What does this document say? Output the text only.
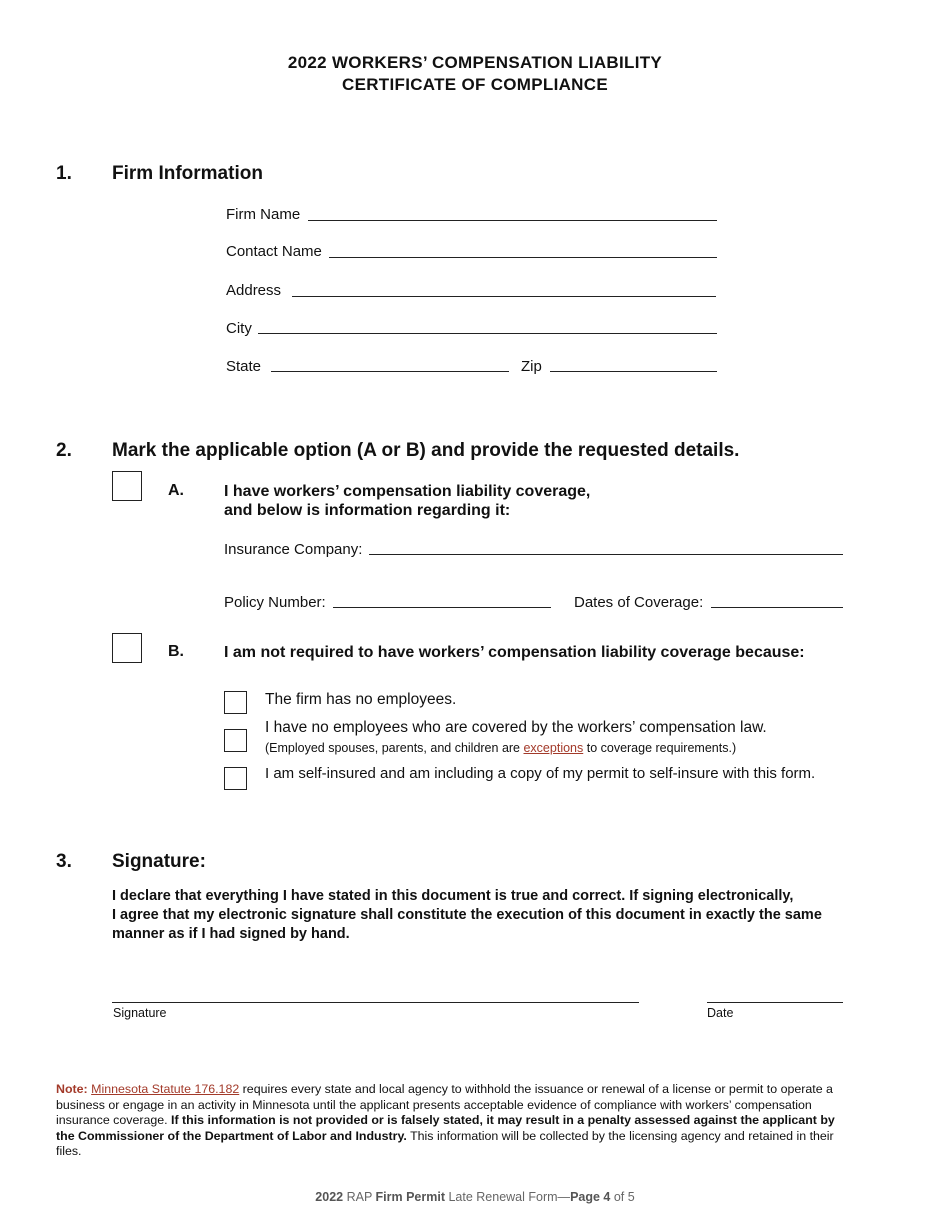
2022 WORKERS’ COMPENSATION LIABILITY
CERTIFICATE OF COMPLIANCE
1. Firm Information
Firm Name
Contact Name
Address
City
State	Zip
2. Mark the applicable option (A or B) and provide the requested details.
A.	I have workers’ compensation liability coverage,
and below is information regarding it:
Insurance Company:
Policy Number:	Dates of Coverage:
B.	I am not required to have workers’ compensation liability coverage because:
The firm has no employees.
I have no employees who are covered by the workers’ compensation law.
(Employed spouses, parents, and children are exceptions to coverage requirements.)
I am self-insured and am including a copy of my permit to self-insure with this form.
3. Signature:
I declare that everything I have stated in this document is true and correct. If signing electronically,
I agree that my electronic signature shall constitute the execution of this document in exactly the same
manner as if I had signed by hand.
Signature	Date
Note: Minnesota Statute 176.182 requires every state and local agency to withhold the issuance or renewal of a license or permit to operate a business or engage in an activity in Minnesota until the applicant presents acceptable evidence of compliance with workers’ compensation insurance coverage. If this information is not provided or is falsely stated, it may result in a penalty assessed against the applicant by the Commissioner of the Department of Labor and Industry. This information will be collected by the licensing agency and retained in their files.
2022 RAP Firm Permit Late Renewal Form—Page 4 of 5
